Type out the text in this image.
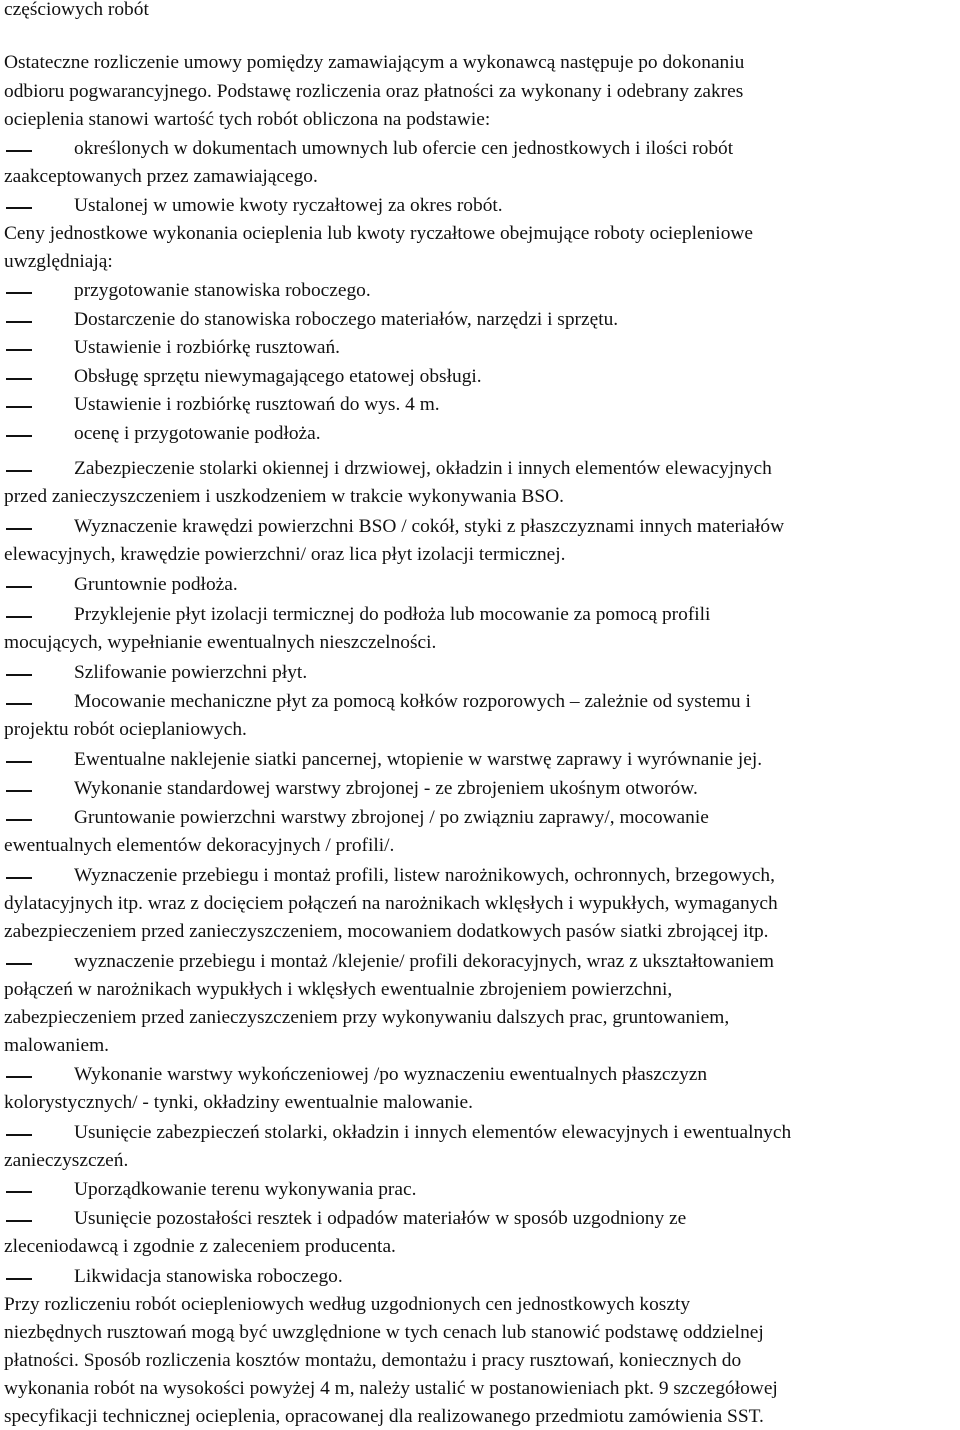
częściowych robót
Ostateczne rozliczenie umowy pomiędzy zamawiającym a wykonawcą następuje po dokonaniu
odbioru pogwarancyjnego. Podstawę rozliczenia oraz płatności za wykonany i odebrany zakres
ocieplenia stanowi wartość tych robót obliczona na podstawie:
określonych w dokumentach umownych lub ofercie cen jednostkowych i ilości robót
zaakceptowanych przez zamawiającego.
Ustalonej w umowie kwoty ryczałtowej za okres robót.
Ceny jednostkowe wykonania ocieplenia lub kwoty ryczałtowe obejmujące roboty ociepleniowe
uwzględniają:
przygotowanie stanowiska roboczego.
Dostarczenie do stanowiska roboczego materiałów, narzędzi i sprzętu.
Ustawienie i rozbiórkę rusztowań.
Obsługę sprzętu niewymagającego etatowej obsługi.
Ustawienie i rozbiórkę rusztowań do wys. 4 m.
ocenę i przygotowanie podłoża.
Zabezpieczenie stolarki okiennej i drzwiowej, okładzin i innych elementów elewacyjnych
przed zanieczyszczeniem i uszkodzeniem w trakcie wykonywania BSO.
Wyznaczenie krawędzi powierzchni BSO / cokół, styki z płaszczyznami innych materiałów
elewacyjnych, krawędzie powierzchni/ oraz lica płyt izolacji termicznej.
Gruntownie podłoża.
Przyklejenie płyt izolacji termicznej do podłoża lub mocowanie za pomocą profili
mocujących, wypełnianie ewentualnych nieszczelności.
Szlifowanie powierzchni płyt.
Mocowanie mechaniczne płyt za pomocą kołków rozporowych – zależnie od systemu i
projektu robót ocieplaniowych.
Ewentualne naklejenie siatki pancernej, wtopienie w warstwę zaprawy i wyrównanie jej.
Wykonanie standardowej warstwy zbrojonej - ze zbrojeniem ukośnym otworów.
Gruntowanie powierzchni warstwy zbrojonej / po związniu zaprawy/, mocowanie
ewentualnych elementów dekoracyjnych / profili/.
Wyznaczenie przebiegu i montaż profili, listew narożnikowych, ochronnych, brzegowych,
dylatacyjnych itp. wraz z docięciem połączeń na narożnikach wklęsłych i wypukłych, wymaganych
zabezpieczeniem przed zanieczyszczeniem, mocowaniem dodatkowych pasów siatki zbrojącej itp.
wyznaczenie przebiegu i montaż /klejenie/ profili dekoracyjnych, wraz z ukształtowaniem
połączeń w narożnikach wypukłych i wklęsłych ewentualnie zbrojeniem powierzchni,
zabezpieczeniem przed zanieczyszczeniem przy wykonywaniu dalszych prac, gruntowaniem,
malowaniem.
Wykonanie warstwy wykończeniowej /po wyznaczeniu ewentualnych płaszczyzn
kolorystycznych/ - tynki, okładziny ewentualnie malowanie.
Usunięcie zabezpieczeń stolarki, okładzin i innych elementów elewacyjnych i ewentualnych
zanieczyszczeń.
Uporządkowanie terenu wykonywania prac.
Usunięcie pozostałości resztek i odpadów materiałów w sposób uzgodniony ze
zleceniodawcą i zgodnie z zaleceniem producenta.
Likwidacja stanowiska roboczego.
Przy rozliczeniu robót ociepleniowych według uzgodnionych cen jednostkowych koszty
niezbędnych rusztowań mogą być uwzględnione w tych cenach lub stanowić podstawę oddzielnej
płatności. Sposób rozliczenia kosztów montażu, demontażu i pracy rusztowań, koniecznych do
wykonania robót na wysokości powyżej 4 m, należy ustalić w postanowieniach pkt. 9 szczegółowej
specyfikacji technicznej ocieplenia, opracowanej dla realizowanego przedmiotu zamówienia SST.
